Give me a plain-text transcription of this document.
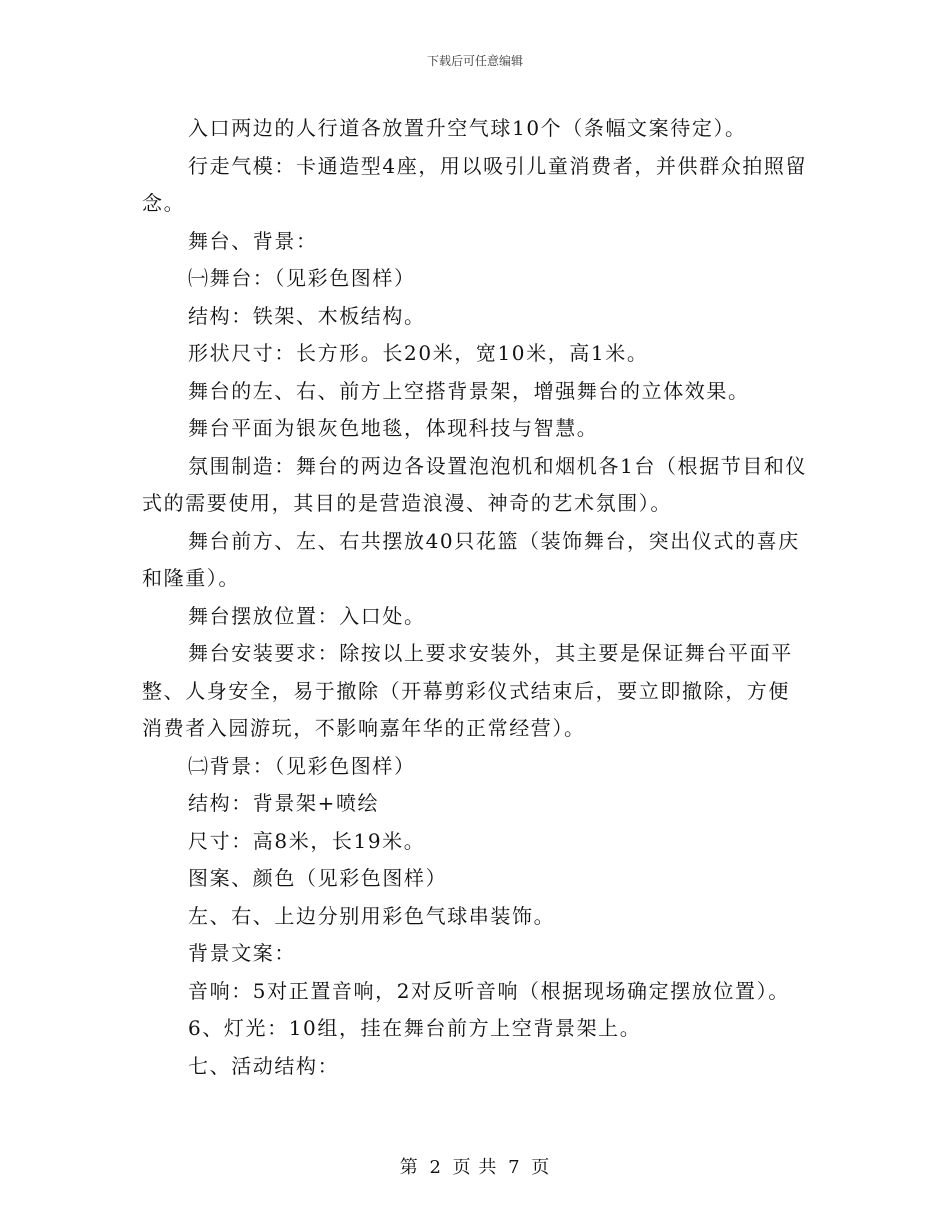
下载后可任意编辑

入口两边的人行道各放置升空气球10个（条幅文案待定）。

行走气模：卡通造型4座，用以吸引儿童消费者，并供群众拍照留念。

舞台、背景：

㈠舞台：（见彩色图样）

结构：铁架、木板结构。

形状尺寸：长方形。长20米，宽10米，高1米。

舞台的左、右、前方上空搭背景架，增强舞台的立体效果。

舞台平面为银灰色地毯，体现科技与智慧。

氛围制造：舞台的两边各设置泡泡机和烟机各1台（根据节目和仪式的需要使用，其目的是营造浪漫、神奇的艺术氛围）。

舞台前方、左、右共摆放40只花篮（装饰舞台，突出仪式的喜庆和隆重）。

舞台摆放位置：入口处。

舞台安装要求：除按以上要求安装外，其主要是保证舞台平面平整、人身安全，易于撤除（开幕剪彩仪式结束后，要立即撤除，方便消费者入园游玩，不影响嘉年华的正常经营）。

㈡背景：（见彩色图样）

结构：背景架+喷绘

尺寸：高8米，长19米。

图案、颜色（见彩色图样）

左、右、上边分别用彩色气球串装饰。

背景文案：

音响：5对正置音响，2对反听音响（根据现场确定摆放位置）。

6、灯光：10组，挂在舞台前方上空背景架上。

七、活动结构：

第 2 页 共 7 页
